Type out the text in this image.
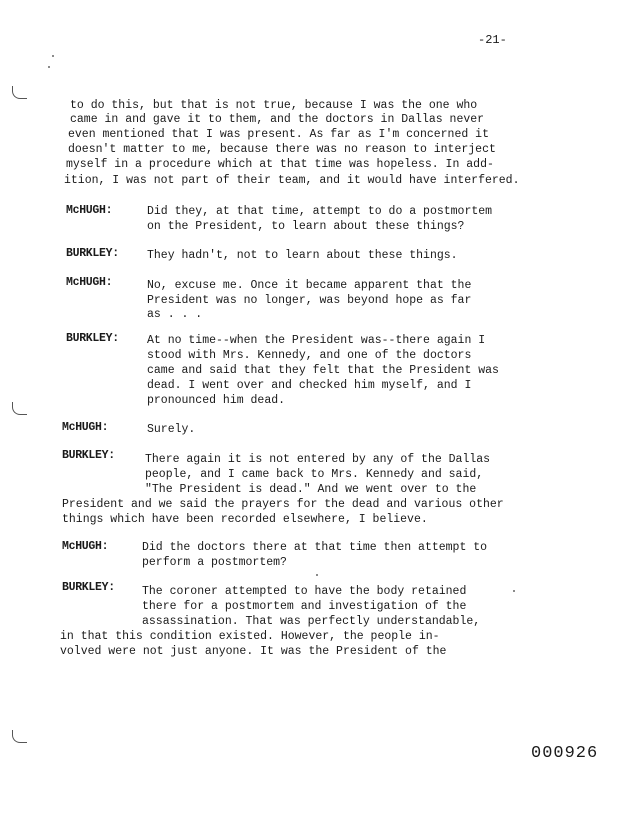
-21-
to do this, but that is not true, because I was the one who
came in and gave it to them, and the doctors in Dallas never
even mentioned that I was present. As far as I'm concerned it
doesn't matter to me, because there was no reason to interject
myself in a procedure which at that time was hopeless. In add-
ition, I was not part of their team, and it would have interfered.
McHUGH:	Did they, at that time, attempt to do a postmortem
on the President, to learn about these things?
BURKLEY: They hadn't, not to learn about these things.
McHUGH:	No, excuse me. Once it became apparent that the
President was no longer, was beyond hope as far
as . . .
BURKLEY: At no time--when the President was--there again I
stood with Mrs. Kennedy, and one of the doctors
came and said that they felt that the President was
dead. I went over and checked him myself, and I
pronounced him dead.
McHUGH:	Surely.
BURKLEY:	There again it is not entered by any of the Dallas
people, and I came back to Mrs. Kennedy and said,
"The President is dead." And we went over to the
President and we said the prayers for the dead and various other
things which have been recorded elsewhere, I believe.
McHUGH:	Did the doctors there at that time then attempt to
perform a postmortem?
BURKLEY: The coroner attempted to have the body retained
there for a postmortem and investigation of the
assassination. That was perfectly understandable,
in that this condition existed. However, the people in-
volved were not just anyone. It was the President of the
000926
